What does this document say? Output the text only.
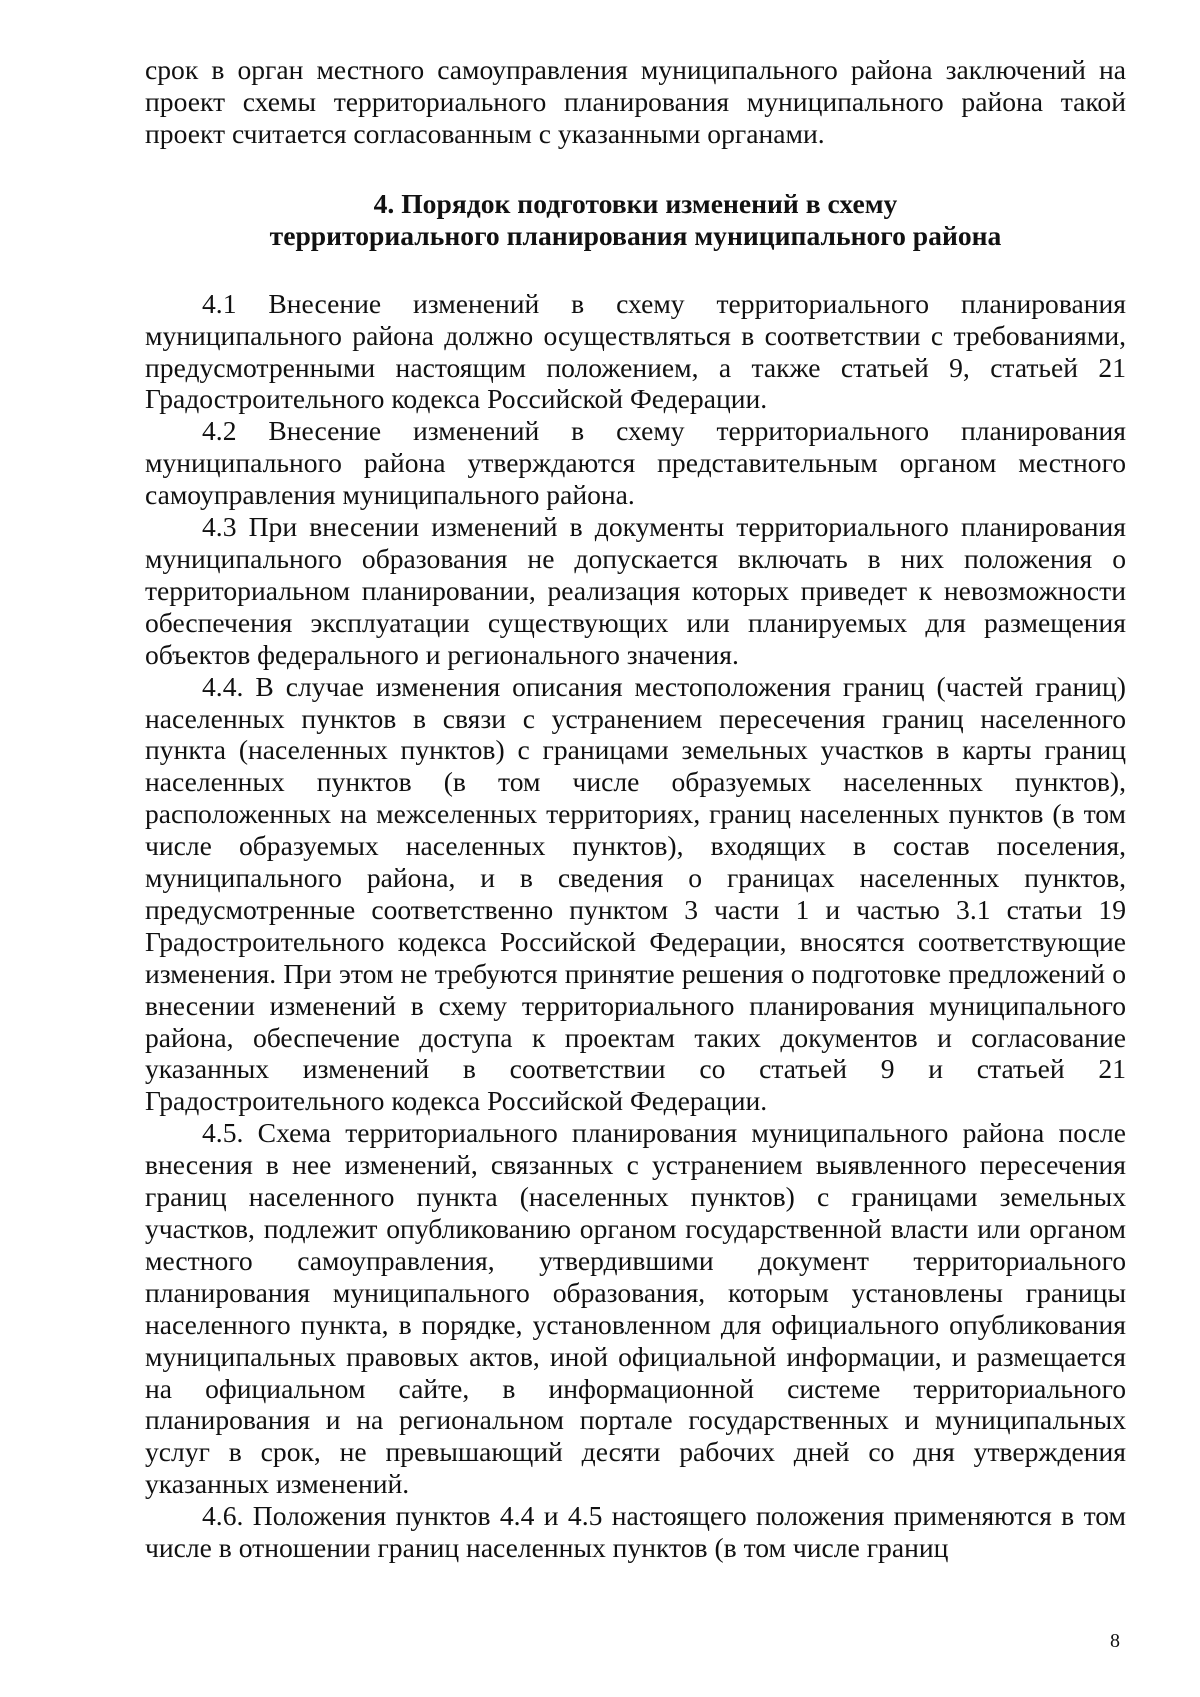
срок в орган местного самоуправления муниципального района заключений на проект схемы территориального планирования муниципального района такой проект считается согласованным с указанными органами.

4. Порядок подготовки изменений в схему
территориального планирования муниципального района

4.1 Внесение изменений в схему территориального планирования муниципального района должно осуществляться в соответствии с требованиями, предусмотренными настоящим положением, а также статьей 9, статьей 21 Градостроительного кодекса Российской Федерации.

4.2 Внесение изменений в схему территориального планирования муниципального района утверждаются представительным органом местного самоуправления муниципального района.

4.3 При внесении изменений в документы территориального планирования муниципального образования не допускается включать в них положения о территориальном планировании, реализация которых приведет к невозможности обеспечения эксплуатации существующих или планируемых для размещения объектов федерального и регионального значения.

4.4. В случае изменения описания местоположения границ (частей границ) населенных пунктов в связи с устранением пересечения границ населенного пункта (населенных пунктов) с границами земельных участков в карты границ населенных пунктов (в том числе образуемых населенных пунктов), расположенных на межселенных территориях, границ населенных пунктов (в том числе образуемых населенных пунктов), входящих в состав поселения, муниципального района, и в сведения о границах населенных пунктов, предусмотренные соответственно пунктом 3 части 1 и частью 3.1 статьи 19 Градостроительного кодекса Российской Федерации, вносятся соответствующие изменения. При этом не требуются принятие решения о подготовке предложений о внесении изменений в схему территориального планирования муниципального района, обеспечение доступа к проектам таких документов и согласование указанных изменений в соответствии со статьей 9 и статьей 21 Градостроительного кодекса Российской Федерации.

4.5. Схема территориального планирования муниципального района после внесения в нее изменений, связанных с устранением выявленного пересечения границ населенного пункта (населенных пунктов) с границами земельных участков, подлежит опубликованию органом государственной власти или органом местного самоуправления, утвердившими документ территориального планирования муниципального образования, которым установлены границы населенного пункта, в порядке, установленном для официального опубликования муниципальных правовых актов, иной официальной информации, и размещается на официальном сайте, в информационной системе территориального планирования и на региональном портале государственных и муниципальных услуг в срок, не превышающий десяти рабочих дней со дня утверждения указанных изменений.

4.6. Положения пунктов 4.4 и 4.5 настоящего положения применяются в том числе в отношении границ населенных пунктов (в том числе границ

8
